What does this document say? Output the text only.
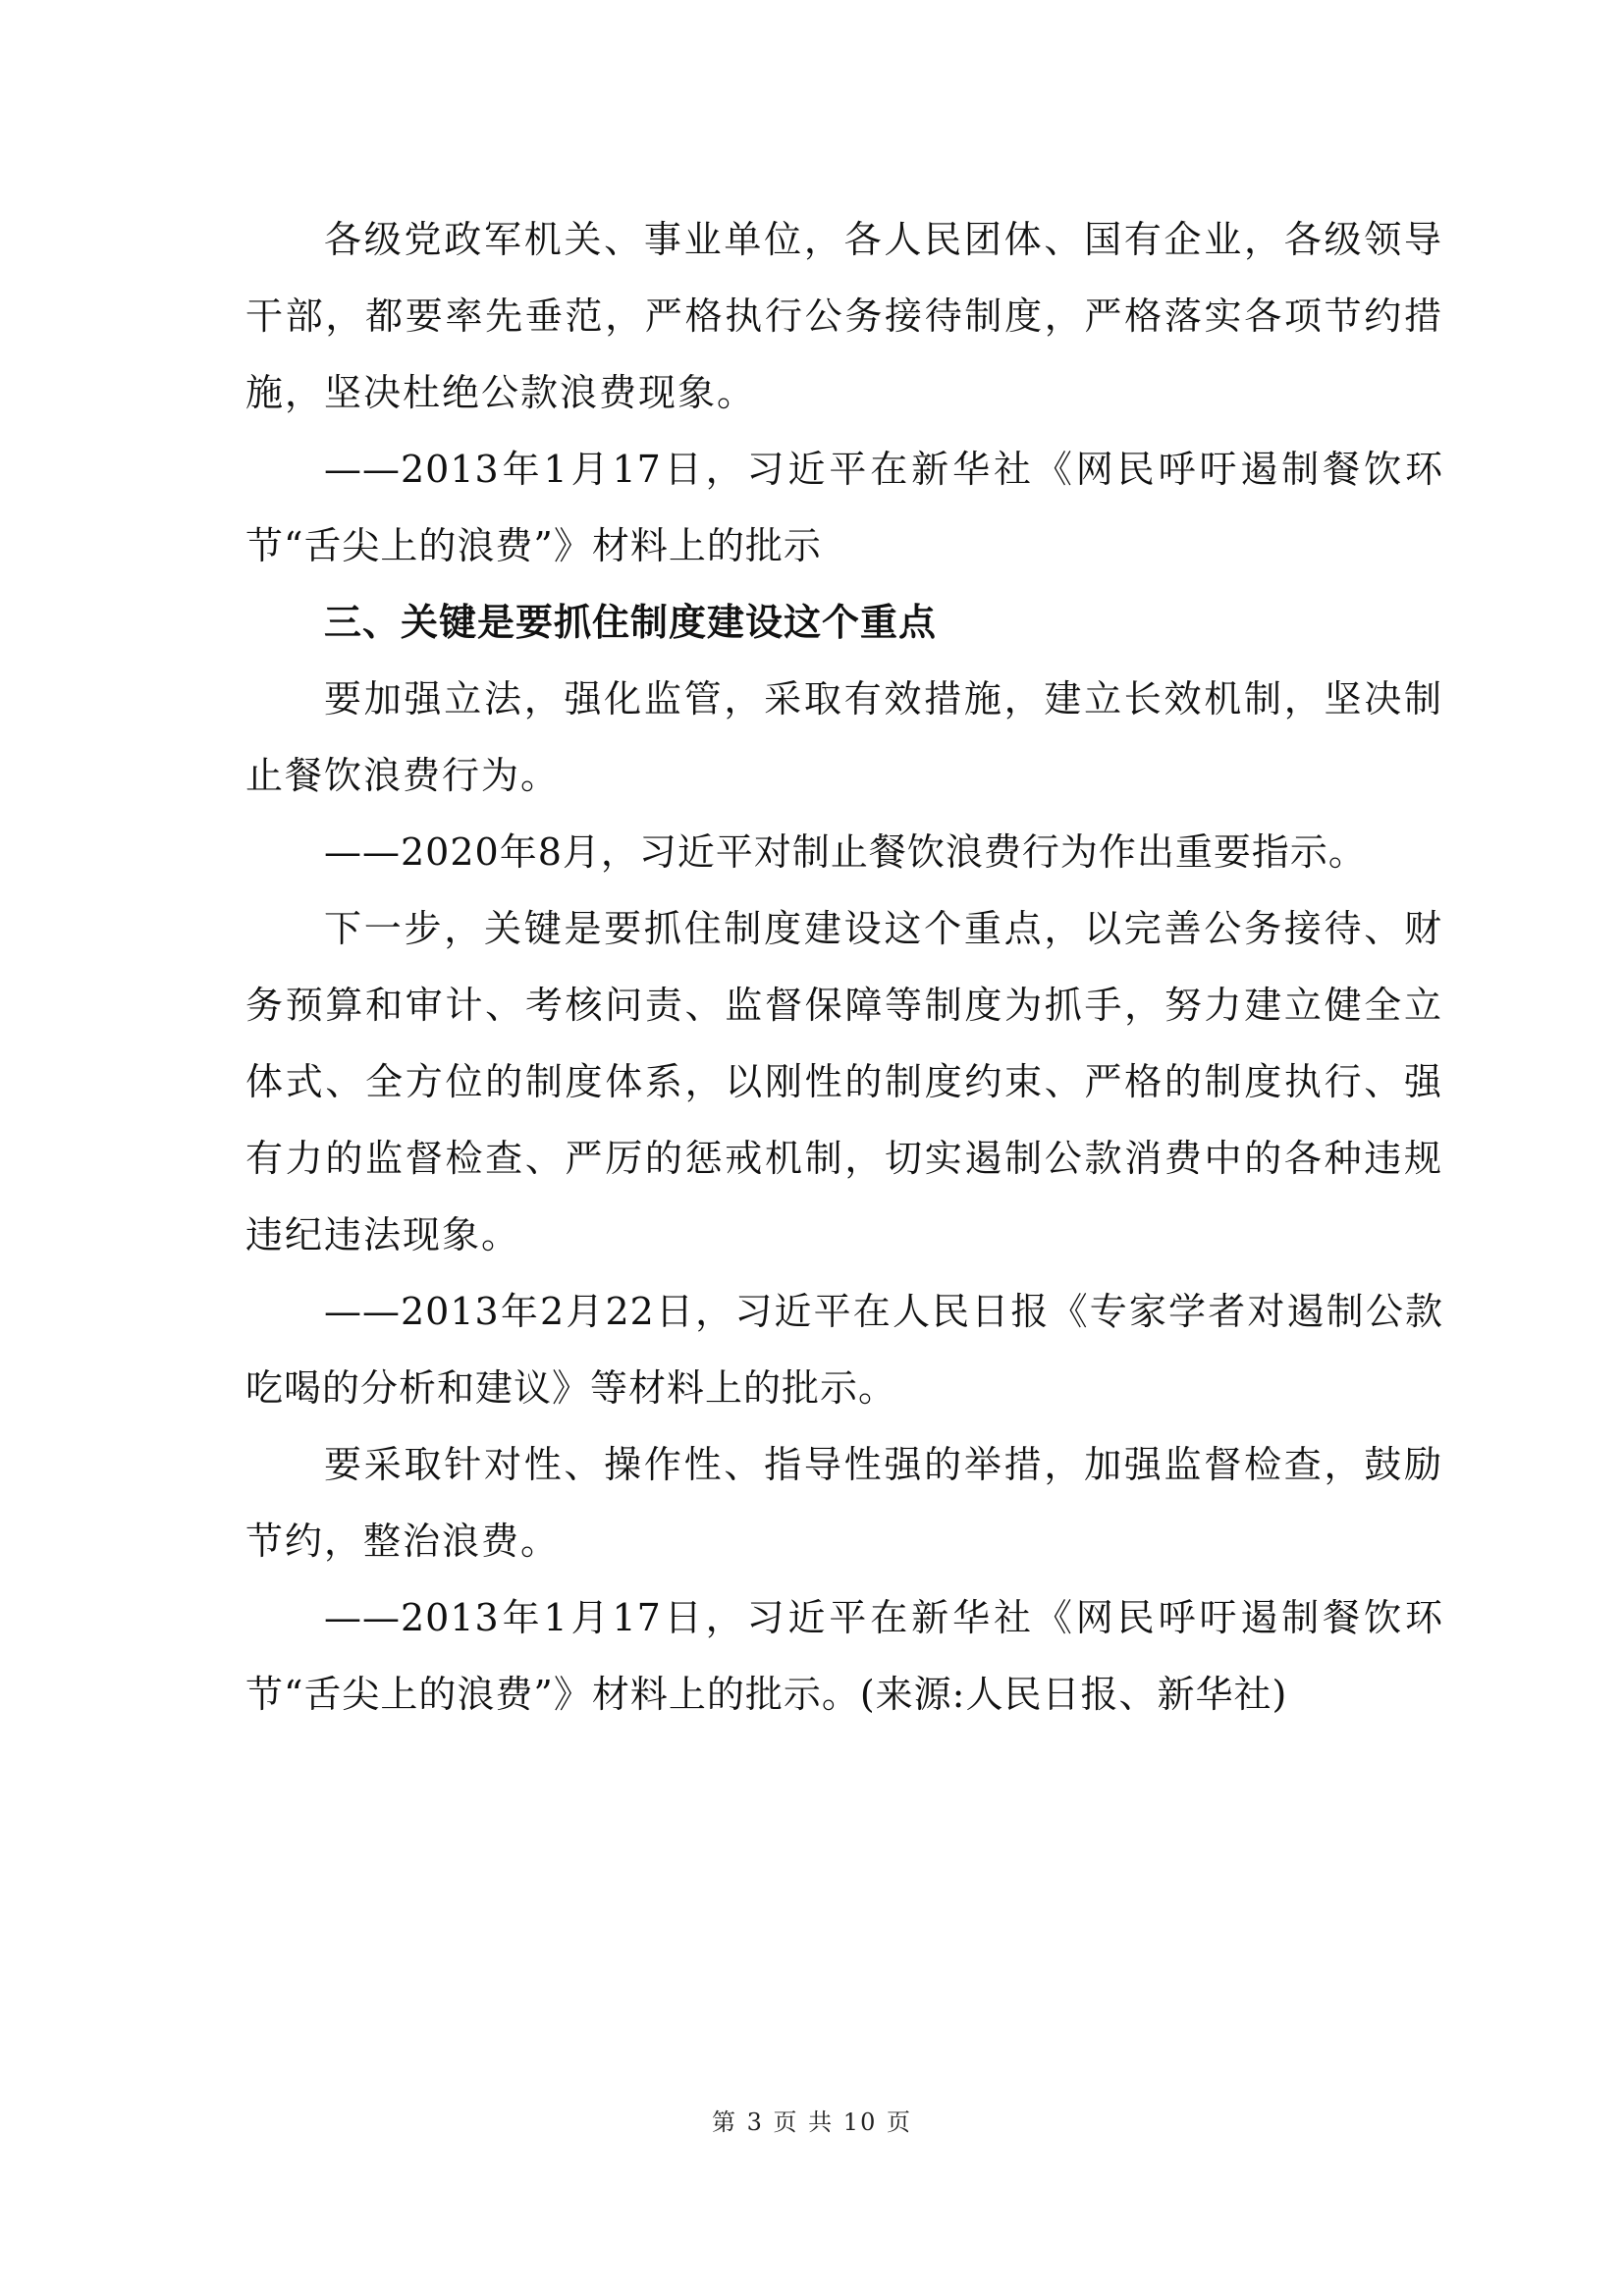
各级党政军机关、事业单位，各人民团体、国有企业，各级领导干部，都要率先垂范，严格执行公务接待制度，严格落实各项节约措施，坚决杜绝公款浪费现象。

——2013年1月17日，习近平在新华社《网民呼吁遏制餐饮环节“舌尖上的浪费”》材料上的批示

三、关键是要抓住制度建设这个重点

要加强立法，强化监管，采取有效措施，建立长效机制，坚决制止餐饮浪费行为。

——2020年8月，习近平对制止餐饮浪费行为作出重要指示。

下一步，关键是要抓住制度建设这个重点，以完善公务接待、财务预算和审计、考核问责、监督保障等制度为抓手，努力建立健全立体式、全方位的制度体系，以刚性的制度约束、严格的制度执行、强有力的监督检查、严厉的惩戒机制，切实遏制公款消费中的各种违规违纪违法现象。

——2013年2月22日，习近平在人民日报《专家学者对遏制公款吃喝的分析和建议》等材料上的批示。

要采取针对性、操作性、指导性强的举措，加强监督检查，鼓励节约，整治浪费。

——2013年1月17日，习近平在新华社《网民呼吁遏制餐饮环节“舌尖上的浪费”》材料上的批示。(来源:人民日报、新华社)

第 3 页 共 10 页
